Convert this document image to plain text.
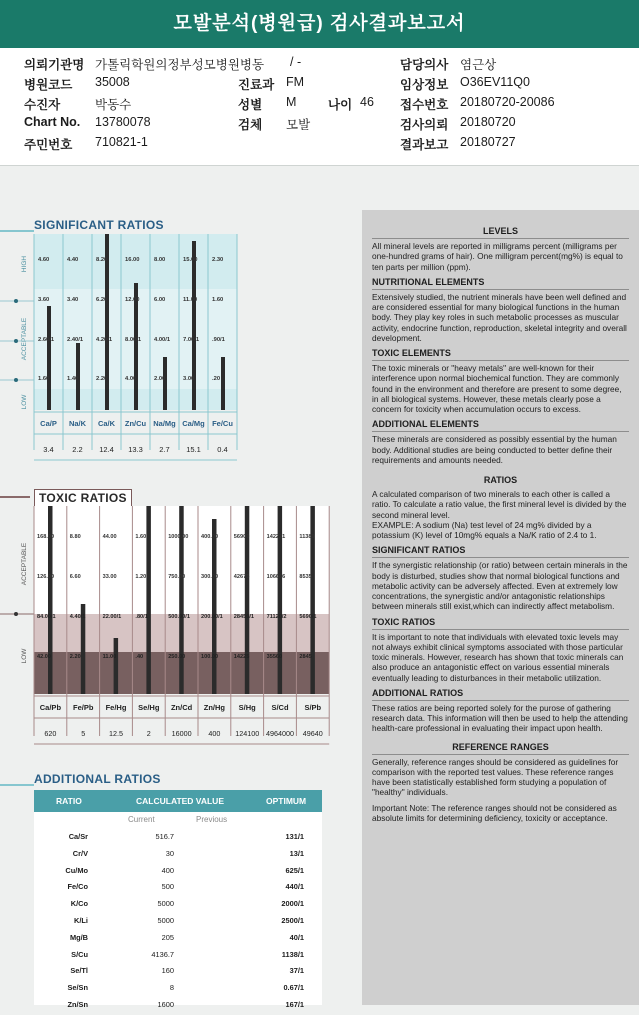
모발분석(병원급) 검사결과보고서
의뢰기관명 가톨릭학원의정부성모병원병동 / -	담당의사 염근상
병원코드 35008	진료과 FM	임상정보 O36EV11Q0
수진자	박동수	성별 M	나이 46 접수번호 20180720-20086
Chart No. 13780078	검체 모발	검사의뢰 20180720
주민번호 710821-1	결과보고 20180727
SIGNIFICANT RATIOS
HIGH
ACCEPTABLE
LOW
4.60
3.60
2.60/1
1.60
Ca/P
3.4
4.40
3.40
2.40/1
1.40
Na/K
2.2
8.20
6.20
4.20/1
2.20
Ca/K
12.4
16.00
12.00
8.00/1
4.00
Zn/Cu
13.3
8.00
6.00
4.00/1
2.00
Na/Mg
2.7
15.00
11.00
7.00/1
3.00
Ca/Mg
15.1
2.30
1.60
.90/1
.20
Fe/Cu
0.4
TOXIC RATIOS
ACCEPTABLE
LOW
168.00
126.00
84.00/1
42.00
Ca/Pb
620
8.80
6.60
4.40/1
2.20
Fe/Pb
5
44.00
33.00
22.00/1
11.00
Fe/Hg
12.5
1.60
1.20
.80/1
.40
Se/Hg
2
1000.00
750.00
500.00/1
250.00
Zn/Cd
16000
400.00
300.00
200.00/1
100.00
Zn/Hg
400
56900
42675
28450/1
14225
S/Hg
124100
142221
106666
71120/2
35560
S/Cd
4964000
11380
8535
5690/1
2845
S/Pb
49640
ADDITIONAL RATIOS
RATIO	CALCULATED VALUE	OPTIMUM
Current	Previous
Ca/Sr	516.7	131/1
Cr/V	30	13/1
Cu/Mo	400	625/1
Fe/Co	500	440/1
K/Co	5000	2000/1
K/Li	5000	2500/1
Mg/B	205	40/1
S/Cu	4136.7	1138/1
Se/Tl	160	37/1
Se/Sn	8	0.67/1
Zn/Sn	1600	167/1
LEVELS
All mineral levels are reported in milligrams percent (milligrams per one-hundred grams of hair). One milligram percent(mg%) is equal to ten parts per million (ppm).
NUTRITIONAL ELEMENTS
Extensively studied, the nutrient minerals have been well defined and are considered essential for many biological functions in the human body. They play key roles in such metabolic processes as muscular activity, endocrine function, reproduction, skeletal integrity and overall development.
TOXIC ELEMENTS
The toxic minerals or "heavy metals" are well-known for their interference upon normal biochemical function. They are commonly found in the environment and therefore are present to some degree, in all biological systems. However, these metals clearly pose a concern for toxicity when accumulation occurs to excess.
ADDITIONAL ELEMENTS
These minerals are considered as possibly essential by the human body. Additional studies are being conducted to better define their requirements and amounts needed.
RATIOS
A calculated comparison of two minerals to each other is called a ratio. To calculate a ratio value, the first mineral level is divided by the second mineral level.
EXAMPLE: A sodium (Na) test level of 24 mg% divided by a potassium (K) level of 10mg% equals a Na/K ratio of 2.4 to 1.
SIGNIFICANT RATIOS
If the synergistic relationship (or ratio) between certain minerals in the body is disturbed, studies show that normal biological functions and metabolic activity can be adversely affected. Even at extremely low concentrations, the synergistic and/or antagonistic relationships between minerals still exist,which can indirectly affect metabolism.
TOXIC RATIOS
It is important to note that individuals with elevated toxic levels may not always exhibit clinical symptoms associated with those particular toxic minerals. However, research has shown that toxic minerals can also produce an antagonistic effect on various essential minerals eventually leading to disturbances in their metabolic utilization.
ADDITIONAL RATIOS
These ratios are being reported solely for the purose of gathering research data. This information will then be used to help the attending health-care professional in evaluating their impact upon health.
REFERENCE RANGES
Generally, reference ranges should be considered as guidelines for comparison with the reported test values. These reference ranges have been statistically established form studying a population of "healthy" individuals.
Important Note: The reference ranges should not be considered as absolute limits for determining deficiency, toxicity or acceptance.
